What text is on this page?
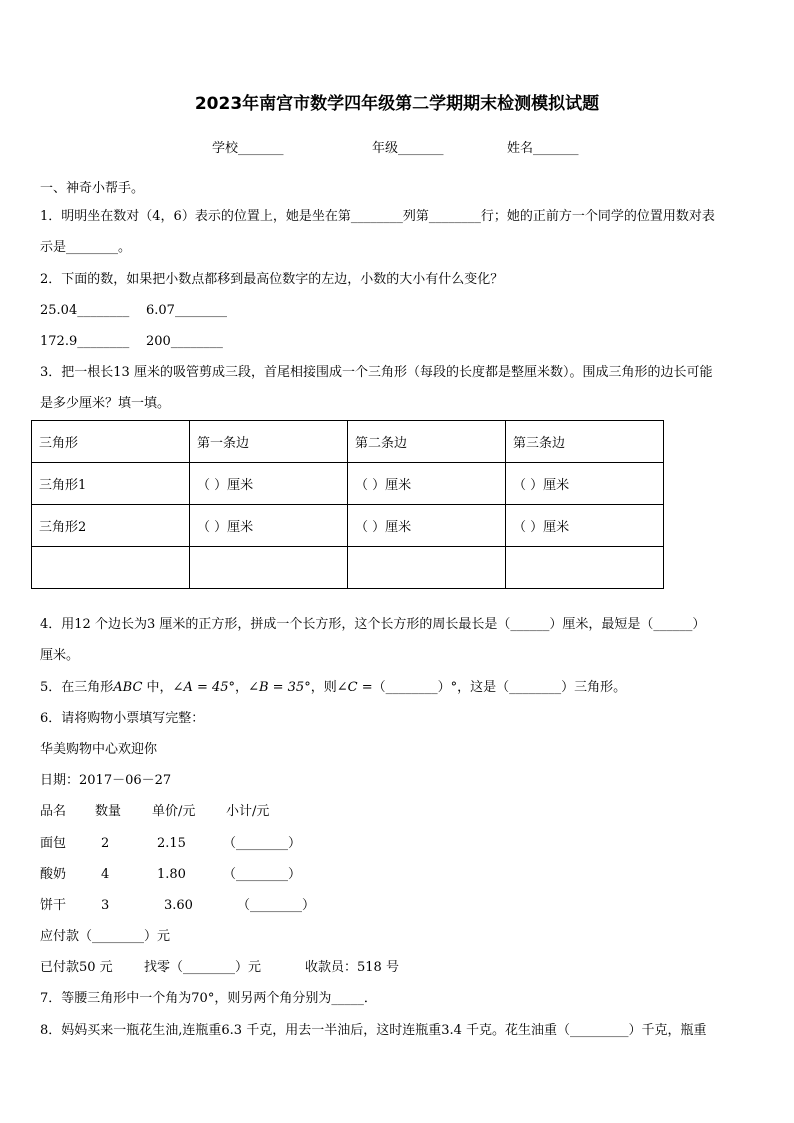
2023年南宫市数学四年级第二学期期末检测模拟试题
学校_______	年级_______	姓名_______
一、神奇小帮手。
1．明明坐在数对（4，6）表示的位置上，她是坐在第________列第________行；她的正前方一个同学的位置用数对表
示是________。
2．下面的数，如果把小数点都移到最高位数字的左边，小数的大小有什么变化？
25.04________ 6.07________
172.9________ 200________
3．把一根长13 厘米的吸管剪成三段，首尾相接围成一个三角形（每段的长度都是整厘米数）。围成三角形的边长可能
是多少厘米？填一填。
三角形	第一条边	第二条边	第三条边
三角形1	（ ）厘米	（ ）厘米	（ ）厘米
三角形2	（ ）厘米	（ ）厘米	（ ）厘米

4．用12 个边长为3 厘米的正方形，拼成一个长方形，这个长方形的周长最长是（______）厘米，最短是（______）
厘米。
5．在三角形ABC 中，∠A = 45°，∠B = 35°，则∠C =（________）°，这是（________）三角形。
6．请将购物小票填写完整：
华美购物中心欢迎你
日期：2017－06－27
品名 数量 单价/元 小计/元
面包	2	2.15	（________）
酸奶	4	1.80	（________）
饼干	3	3.60	（________）
应付款（________）元
已付款50 元 找零（________）元	收款员：518 号
7．等腰三角形中一个角为70°，则另两个角分别为_____．
8．妈妈买来一瓶花生油,连瓶重6.3 千克，用去一半油后，这时连瓶重3.4 千克。花生油重（_________）千克，瓶重
